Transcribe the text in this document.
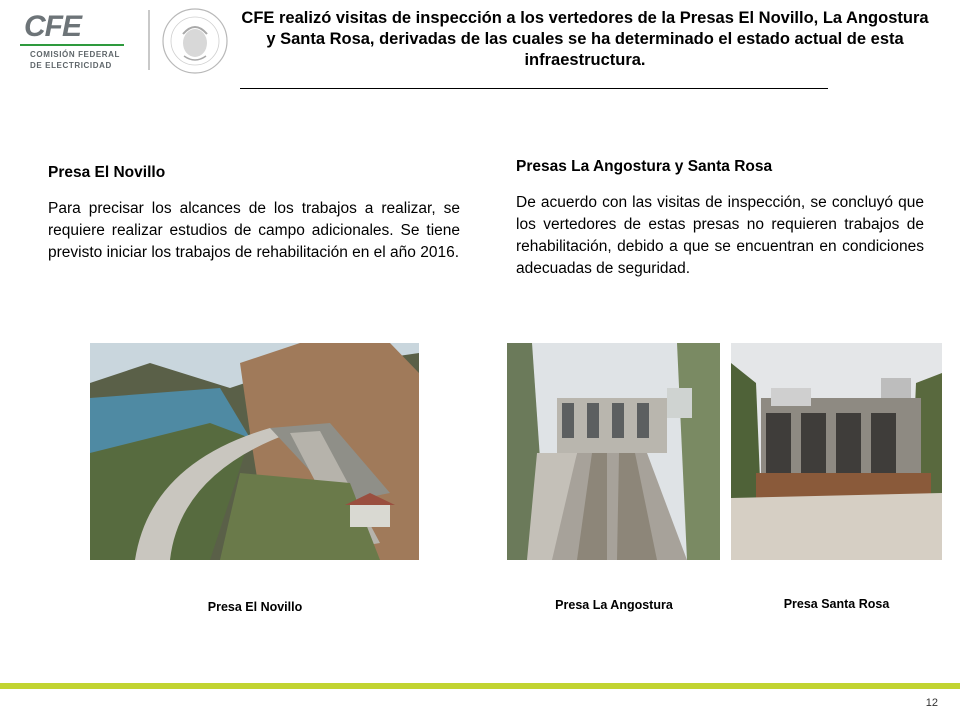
CFE
COMISIÓN FEDERAL
DE ELECTRICIDAD
CFE realizó visitas de inspección a los vertedores de la Presas El Novillo, La Angostura y Santa Rosa, derivadas de las cuales se ha determinado el estado actual de esta infraestructura.
Presa El Novillo

Para precisar los alcances de los trabajos a realizar, se requiere realizar estudios de campo adicionales. Se tiene previsto iniciar los trabajos de rehabilitación en el año 2016.

Presas La Angostura y Santa Rosa

De acuerdo con las visitas de inspección, se concluyó que los vertedores de estas presas no requieren trabajos de rehabilitación, debido a que se encuentran en condiciones adecuadas de seguridad.

Presa El Novillo	Presa La Angostura	Presa Santa Rosa
12
